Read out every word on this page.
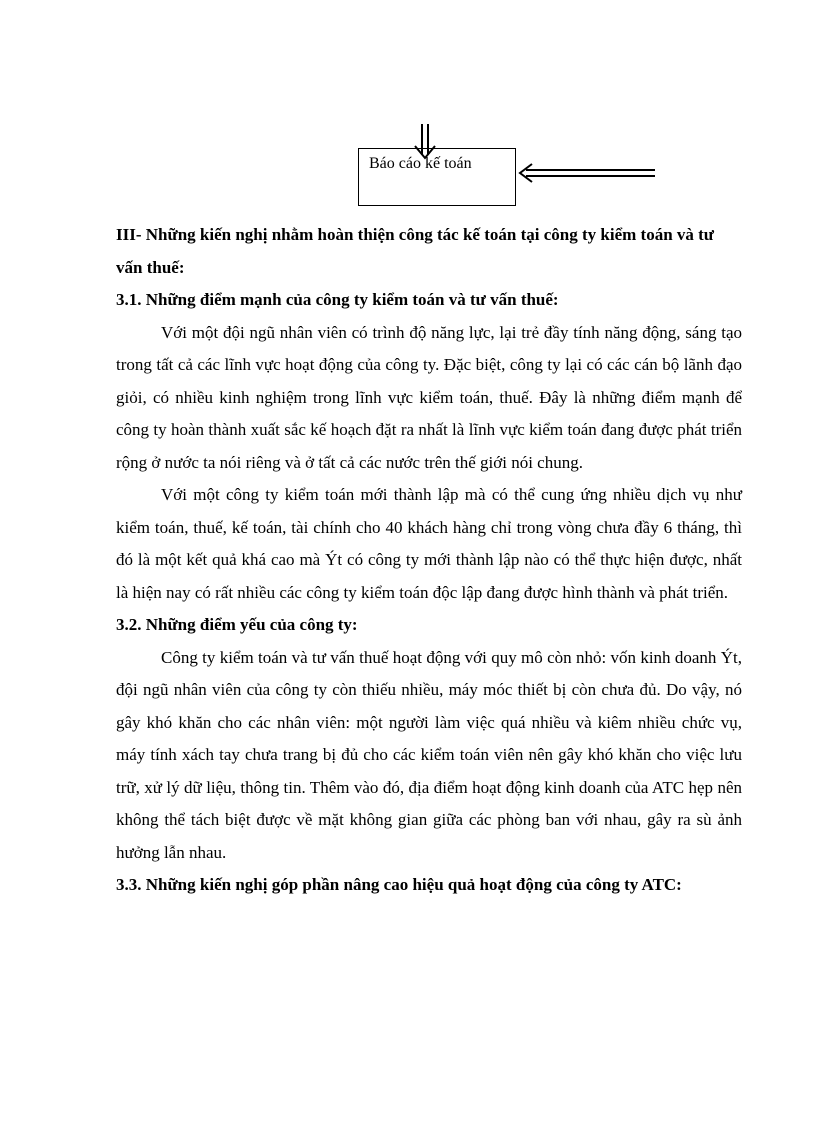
Báo cáo kế toán

III- Những kiến nghị nhằm hoàn thiện công tác kế toán tại công ty kiểm toán và tư vấn thuế:

3.1. Những điểm mạnh của công ty kiểm toán và tư vấn thuế:

Với một đội ngũ nhân viên có trình độ năng lực, lại trẻ đầy tính năng động, sáng tạo trong tất cả các lĩnh vực hoạt động của công ty. Đặc biệt, công ty lại có các cán bộ lãnh đạo giỏi, có nhiều kinh nghiệm trong lĩnh vực kiểm toán, thuế. Đây là những điểm mạnh để công ty hoàn thành xuất sắc kế hoạch đặt ra nhất là lĩnh vực kiểm toán đang được phát triển rộng ở nước ta nói riêng và ở tất cả các nước trên thế giới nói chung.

Với một công ty kiểm toán mới thành lập mà có thể cung ứng nhiều dịch vụ như kiểm toán, thuế, kế toán, tài chính cho 40 khách hàng chỉ trong vòng chưa đầy 6 tháng, thì đó là một kết quả khá cao mà Ýt có công ty mới thành lập nào có thể thực hiện được, nhất là hiện nay có rất nhiều các công ty kiểm toán độc lập đang được hình thành và phát triển.

3.2. Những điểm yếu của công ty:

Công ty kiểm toán và tư vấn thuế hoạt động với quy mô còn nhỏ: vốn kinh doanh Ýt, đội ngũ nhân viên của công ty còn thiếu nhiều, máy móc thiết bị còn chưa đủ. Do vậy, nó gây khó khăn cho các nhân viên: một người làm việc quá nhiều và kiêm nhiều chức vụ, máy tính xách tay chưa trang bị đủ cho các kiểm toán viên nên gây khó khăn cho việc lưu trữ, xử lý dữ liệu, thông tin. Thêm vào đó, địa điểm hoạt động kinh doanh của ATC hẹp nên không thể tách biệt được về mặt không gian giữa các phòng ban với nhau, gây ra sù ảnh hưởng lẫn nhau.

3.3. Những kiến nghị góp phần nâng cao hiệu quả hoạt động của công ty ATC:
